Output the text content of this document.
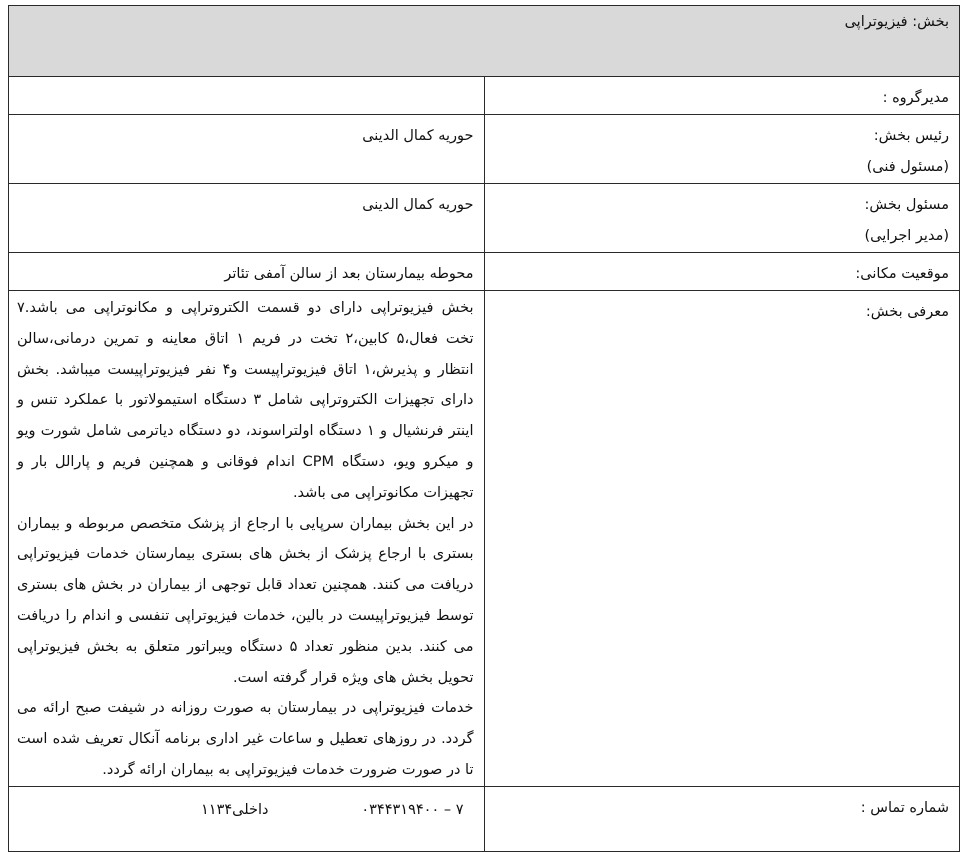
بخش: فیزیوتراپی	
مدیرگروه :	

رئیس بخش:
(مسئول فنی)	حوریه کمال الدینی

مسئول بخش:
(مدیر اجرایی)	حوریه کمال الدینی
موقعیت مکانی:	محوطه بیمارستان بعد از سالن آمفی تئاتر
معرفی بخش:	بخش فیزیوتراپی دارای دو قسمت الکتروتراپی و مکانوتراپی می باشد.۷ تخت فعال،۵ کابین،۲ تخت در فریم ۱ اتاق معاینه و تمرین درمانی،سالن انتظار و پذیرش،۱ اتاق فیزیوتراپیست و۴ نفر فیزیوتراپیست میباشد. بخش دارای تجهیزات الکتروتراپی شامل ۳ دستگاه استیمولاتور با عملکرد تنس و اینتر فرنشیال و ۱ دستگاه اولتراسوند، دو دستگاه دیاترمی شامل شورت ویو و میکرو ویو، دستگاه CPM اندام فوقانی و همچنین فریم و پارالل بار و تجهیزات مکانوتراپی می باشد.

در این بخش بیماران سرپایی با ارجاع از پزشک متخصص مربوطه و بیماران بستری با ارجاع پزشک از بخش های بستری بیمارستان خدمات فیزیوتراپی دریافت می کنند. همچنین تعداد قابل توجهی از بیماران در بخش های بستری توسط فیزیوتراپیست در بالین، خدمات فیزیوتراپی تنفسی و اندام را دریافت می کنند. بدین منظور تعداد ۵ دستگاه ویبراتور متعلق به بخش فیزیوتراپی تحویل بخش های ویژه قرار گرفته است.

خدمات فیزیوتراپی در بیمارستان به صورت روزانه در شیفت صبح ارائه می گردد. در روزهای تعطیل و ساعات غیر اداری برنامه آنکال تعریف شده است تا در صورت ضرورت خدمات فیزیوتراپی به بیماران ارائه گردد.

شماره تماس :	۰۳۴۴۳۱۹۴۰۰ – ۷
داخلی۱۱۳۴
